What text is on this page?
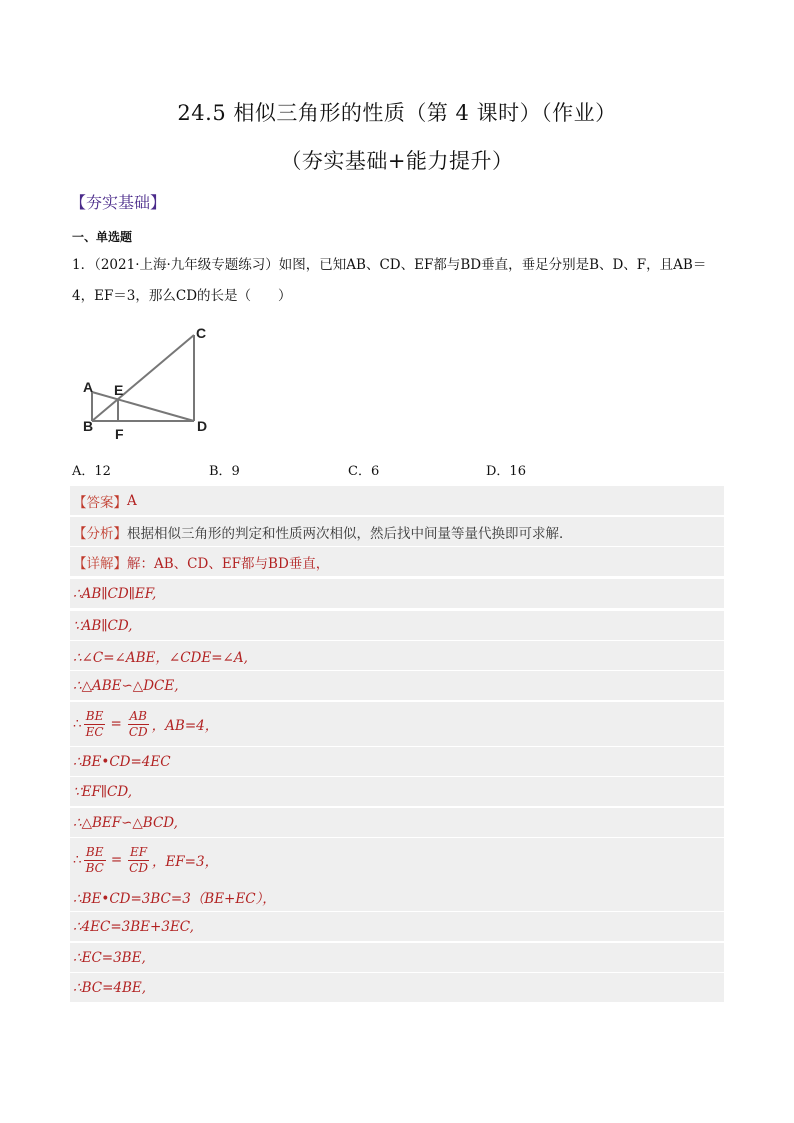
24.5 相似三角形的性质（第 4 课时）（作业）
（夯实基础+能力提升）
【夯实基础】
一、单选题
1．（2021·上海·九年级专题练习）如图，已知AB、CD、EF都与BD垂直，垂足分别是B、D、F，且AB＝
4，EF＝3，那么CD的长是（　　）
A
B
C
D
E
F
A．12	B．9	C．6	D．16
【答案】 A
【分析】 根据相似三角形的判定和性质两次相似，然后找中间量等量代换即可求解．
【详解】 解：AB、CD、EF都与BD垂直，
∴AB∥CD∥EF,
∵AB∥CD,
∴∠C=∠ABE，∠CDE=∠A,
∴△ABE∽△DCE,
∴ $\frac{BE}{EC} = \frac{AB}{CD}$ ，AB=4，
∴BE•CD=4EC
∵EF∥CD,
∴△BEF∽△BCD,
∴ $\frac{BE}{BC} = \frac{EF}{CD}$ ，EF=3，
∴BE•CD=3BC=3（BE+EC），
∴4EC=3BE+3EC,
∴EC=3BE,
∴BC=4BE,
